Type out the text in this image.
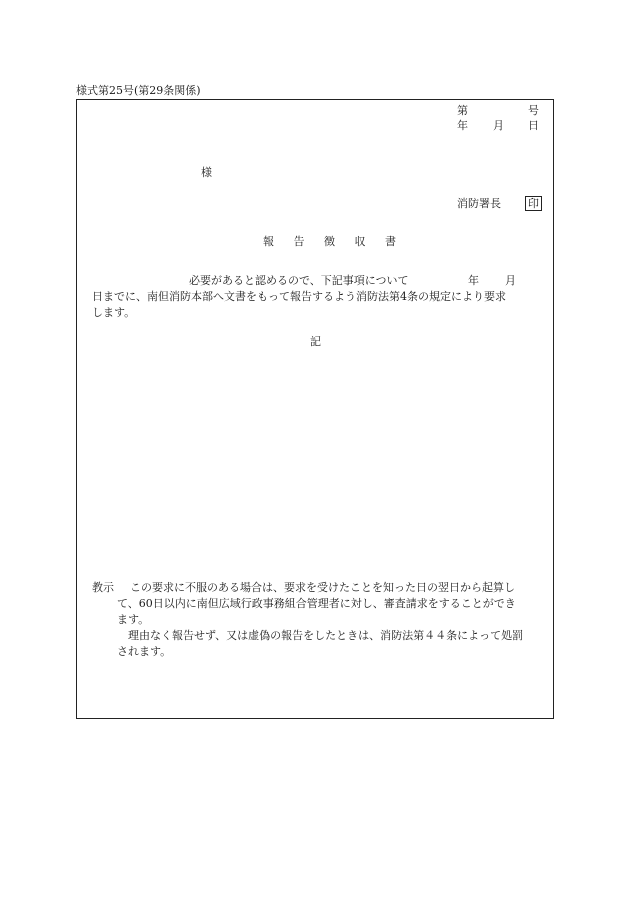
様式第25号(第29条関係)
第	号
年 月 日
様
消防署長 印
報 告 徴 収 書
必要があると認めるので、下記事項について	年 月
日までに、南但消防本部へ文書をもって報告するよう消防法第4条の規定により要求
します。
記
教示 この要求に不服のある場合は、要求を受けたことを知った日の翌日から起算し
て、60日以内に南但広域行政事務組合管理者に対し、審査請求をすることができ
ます。
理由なく報告せず、又は虚偽の報告をしたときは、消防法第４４条によって処罰
されます。
